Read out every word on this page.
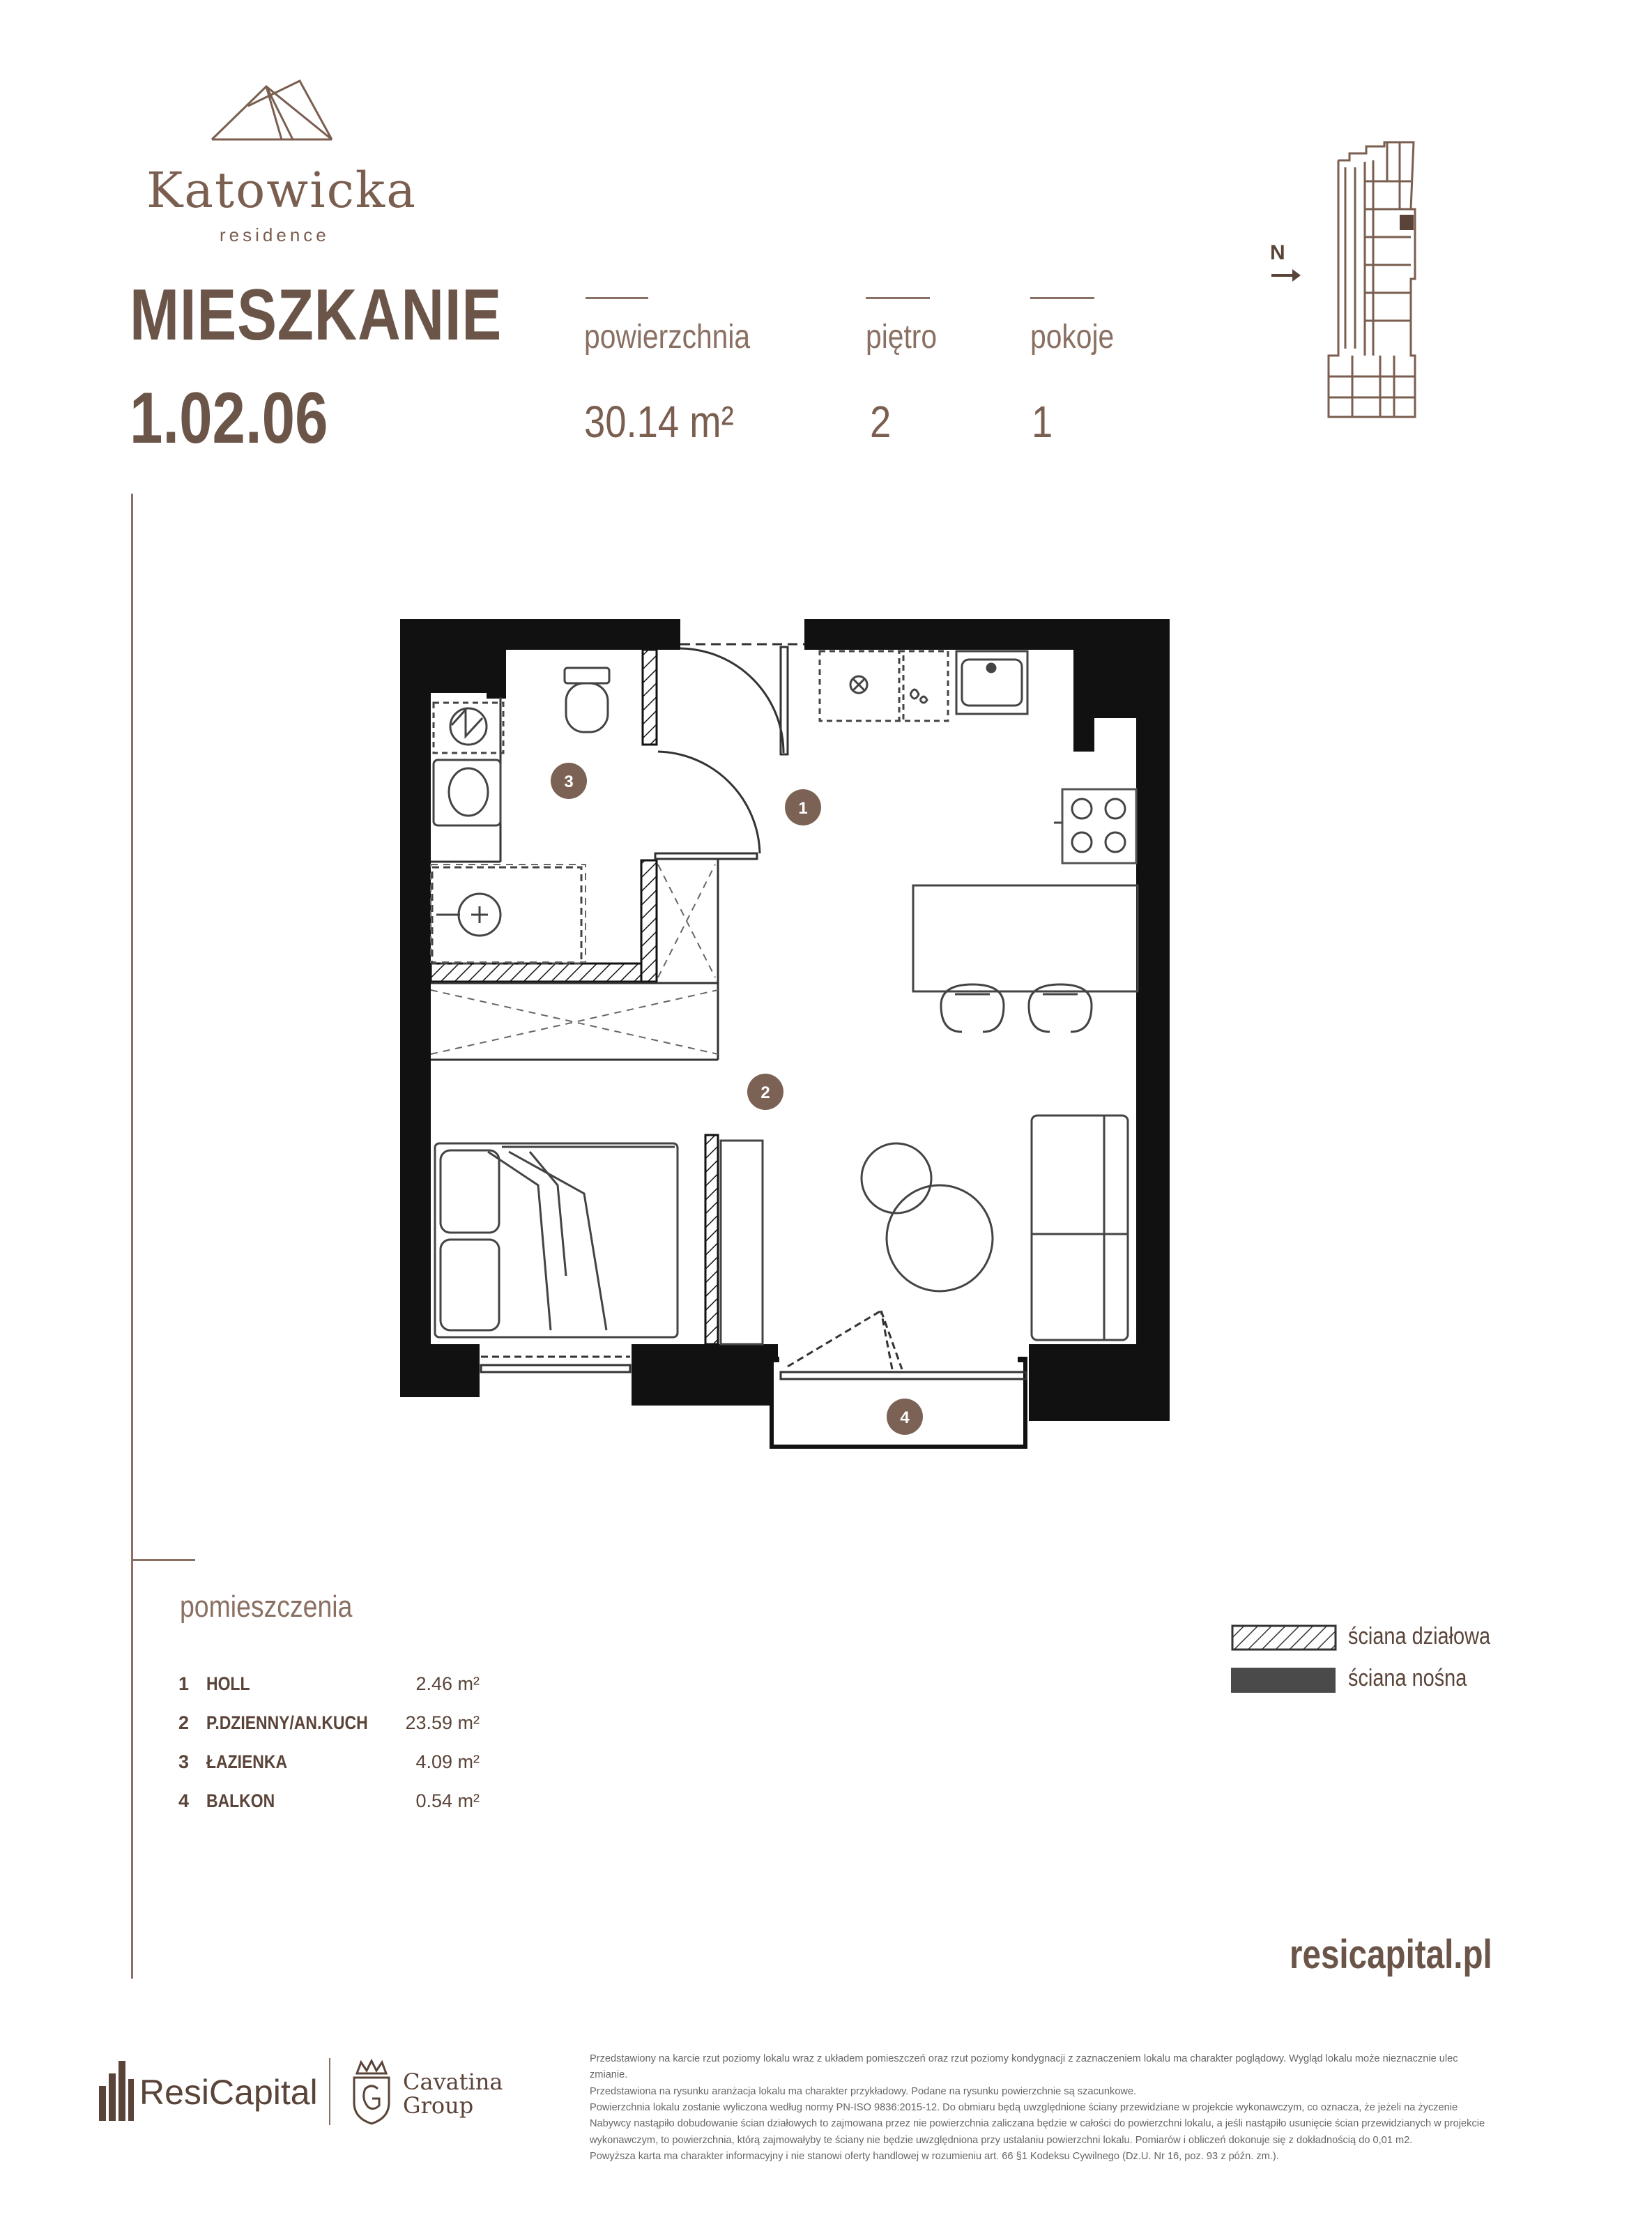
Katowicka
residence
MIESZKANIE
1.02.06
powierzchnia
30.14 m²
piętro
2
pokoje
1
N
1
2
3
4
pomieszczenia
1 HOLL	2.46 m²
2 P.DZIENNY/AN.KUCH	23.59 m²
3 ŁAZIENKA	4.09 m²
4 BALKON	0.54 m²
ściana działowa
ściana nośna
resicapital.pl
ResiCapital	Cavatina
Group
Przedstawiony na karcie rzut poziomy lokalu wraz z układem pomieszczeń oraz rzut poziomy kondygnacji z zaznaczeniem lokalu ma charakter poglądowy. Wygląd lokalu może nieznacznie ulec zmianie.
Przedstawiona na rysunku aranżacja lokalu ma charakter przykładowy. Podane na rysunku powierzchnie są szacunkowe.
Powierzchnia lokalu zostanie wyliczona według normy PN-ISO 9836:2015-12. Do obmiaru będą uwzględnione ściany przewidziane w projekcie wykonawczym, co oznacza, że jeżeli na życzenie Nabywcy nastąpiło dobudowanie ścian działowych to zajmowana przez nie powierzchnia zaliczana będzie w całości do powierzchni lokalu, a jeśli nastąpiło usunięcie ścian przewidzianych w projekcie wykonawczym, to powierzchnia, którą zajmowałyby te ściany nie będzie uwzględniona przy ustalaniu powierzchni lokalu. Pomiarów i obliczeń dokonuje się z dokładnością do 0,01 m2.
Powyższa karta ma charakter informacyjny i nie stanowi oferty handlowej w rozumieniu art. 66 §1 Kodeksu Cywilnego (Dz.U. Nr 16, poz. 93 z późn. zm.).
